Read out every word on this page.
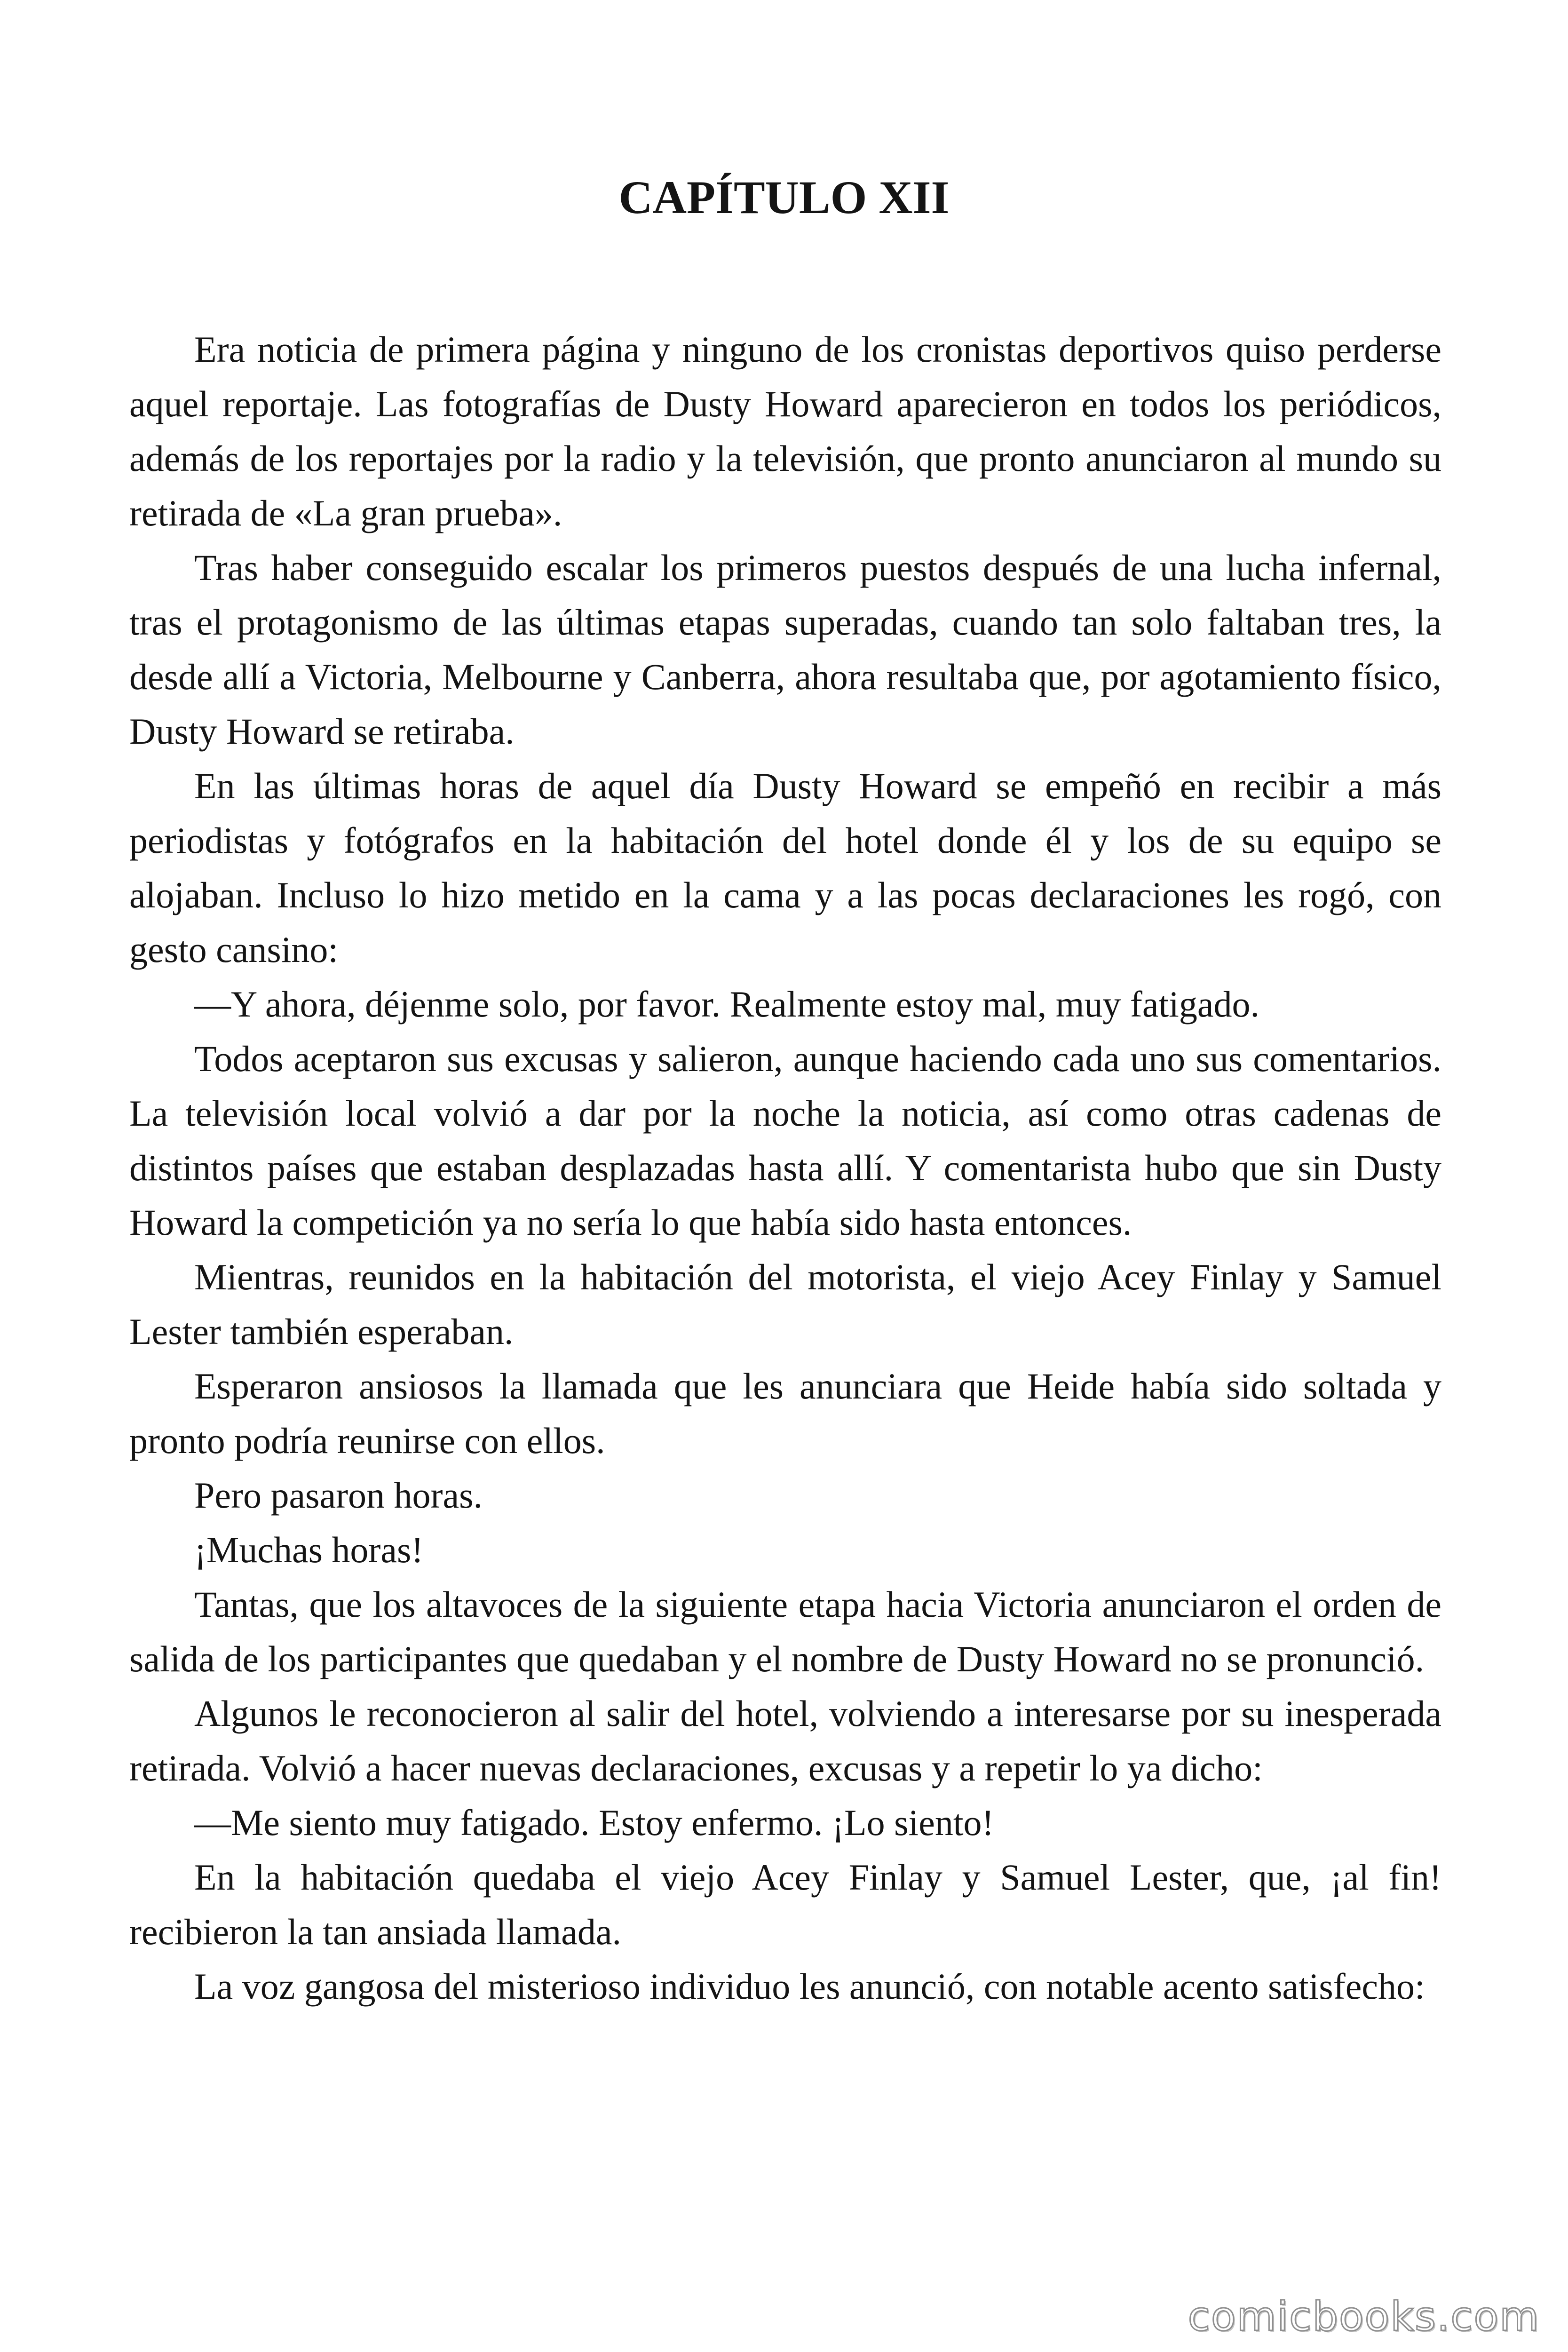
CAPÍTULO XII

Era noticia de primera página y ninguno de los cronistas deportivos quiso perderse aquel reportaje. Las fotografías de Dusty Howard aparecieron en todos los periódicos, además de los reportajes por la radio y la televisión, que pronto anunciaron al mundo su retirada de «La gran prueba».

Tras haber conseguido escalar los primeros puestos después de una lucha infernal, tras el protagonismo de las últimas etapas superadas, cuando tan solo faltaban tres, la desde allí a Victoria, Melbourne y Canberra, ahora resultaba que, por agotamiento físico, Dusty Howard se retiraba.

En las últimas horas de aquel día Dusty Howard se empeñó en recibir a más periodistas y fotógrafos en la habitación del hotel donde él y los de su equipo se alojaban. Incluso lo hizo metido en la cama y a las pocas declaraciones les rogó, con gesto cansino:

—Y ahora, déjenme solo, por favor. Realmente estoy mal, muy fatigado.

Todos aceptaron sus excusas y salieron, aunque haciendo cada uno sus comentarios. La televisión local volvió a dar por la noche la noticia, así como otras cadenas de distintos países que estaban desplazadas hasta allí. Y comentarista hubo que sin Dusty Howard la competición ya no sería lo que había sido hasta entonces.

Mientras, reunidos en la habitación del motorista, el viejo Acey Finlay y Samuel Lester también esperaban.

Esperaron ansiosos la llamada que les anunciara que Heide había sido soltada y pronto podría reunirse con ellos.

Pero pasaron horas.

¡Muchas horas!

Tantas, que los altavoces de la siguiente etapa hacia Victoria anunciaron el orden de salida de los participantes que quedaban y el nombre de Dusty Howard no se pronunció.

Algunos le reconocieron al salir del hotel, volviendo a interesarse por su inesperada retirada. Volvió a hacer nuevas declaraciones, excusas y a repetir lo ya dicho:

—Me siento muy fatigado. Estoy enfermo. ¡Lo siento!

En la habitación quedaba el viejo Acey Finlay y Samuel Lester, que, ¡al fin! recibieron la tan ansiada llamada.

La voz gangosa del misterioso individuo les anunció, con notable acento satisfecho:

comicbooks.com
